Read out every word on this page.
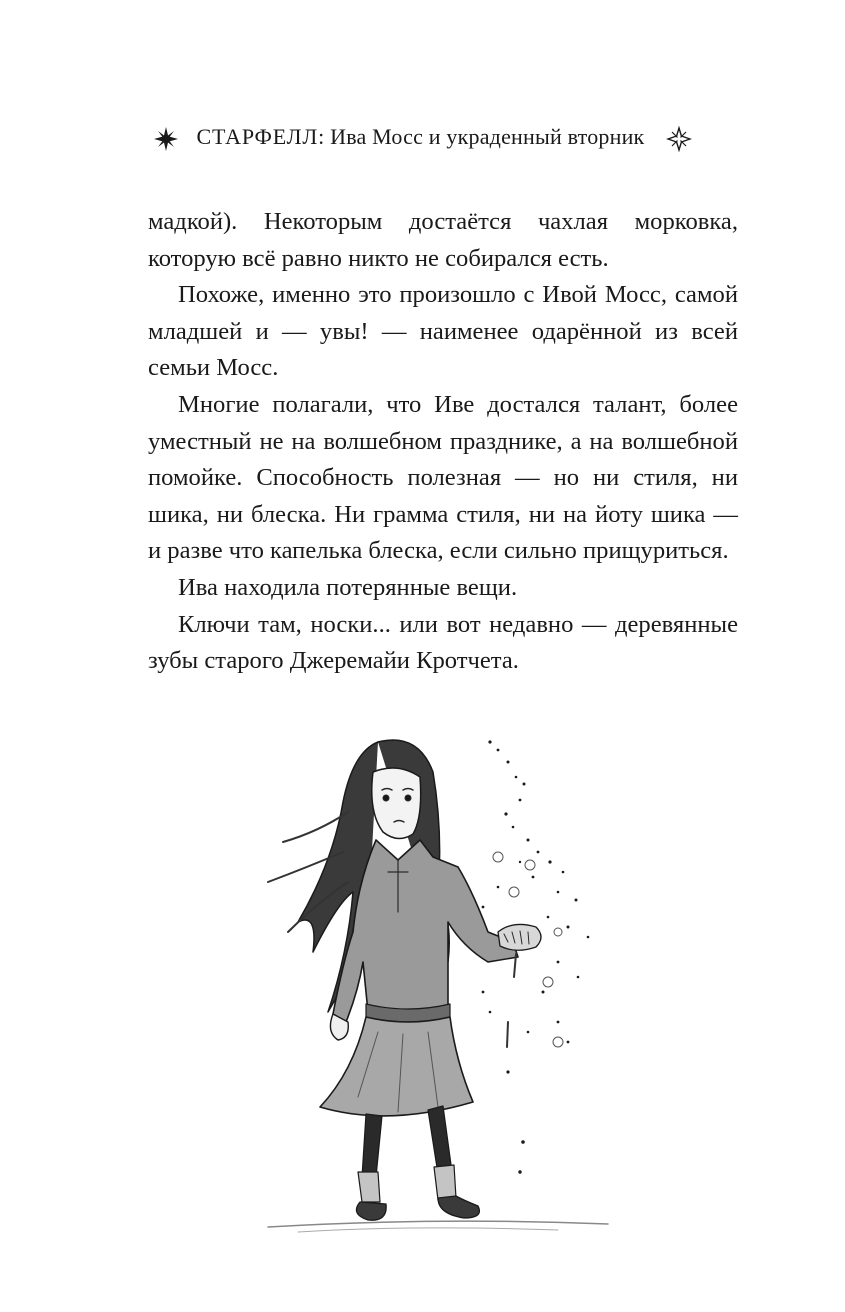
СТАРФЕЛЛ: Ива Мосс и украденный вторник

мадкой). Некоторым достаётся чахлая морковка, которую всё равно никто не собирался есть.

Похоже, именно это произошло с Ивой Мосс, самой младшей и — увы! — наименее одарённой из всей семьи Мосс.

Многие полагали, что Иве достался талант, более уместный не на волшебном празднике, а на волшебной помойке. Способность полезная — но ни стиля, ни шика, ни блеска. Ни грамма стиля, ни на йоту шика — и разве что капелька блеска, если сильно прищуриться.

Ива находила потерянные вещи.

Ключи там, носки... или вот недавно — деревянные зубы старого Джеремайи Кротчета.
